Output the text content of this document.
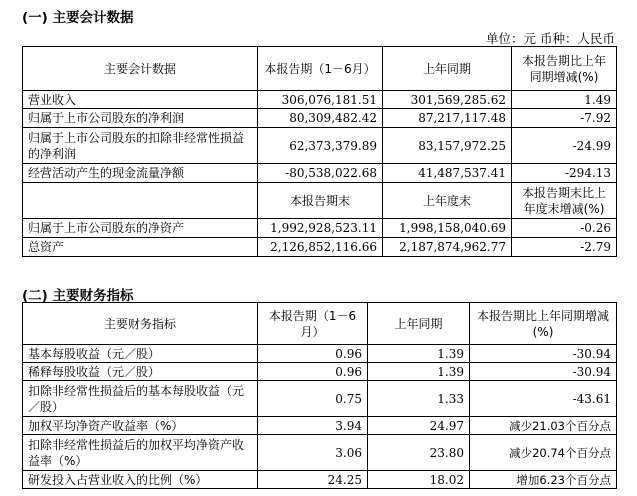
(一) 主要会计数据
单位：元 币种：人民币
主要会计数据	本报告期（1－6月）	上年同期	本报告期比上年同期增减(%)
营业收入	306,076,181.51	301,569,285.62	1.49
归属于上市公司股东的净利润	80,309,482.42	87,217,117.48	-7.92
归属于上市公司股东的扣除非经常性损益的净利润	62,373,379.89	83,157,972.25	-24.99
经营活动产生的现金流量净额	-80,538,022.68	41,487,537.41	-294.13
	本报告期末	上年度末	本报告期末比上年度末增减(%)
归属于上市公司股东的净资产	1,992,928,523.11	1,998,158,040.69	-0.26
总资产	2,126,852,116.66	2,187,874,962.77	-2.79
(二) 主要财务指标
主要财务指标	本报告期（1－6月）	上年同期	本报告期比上年同期增减(%)
基本每股收益（元／股）	0.96	1.39	-30.94
稀释每股收益（元／股）	0.96	1.39	-30.94
扣除非经常性损益后的基本每股收益（元／股）	0.75	1.33	-43.61
加权平均净资产收益率（%）	3.94	24.97	减少21.03个百分点
扣除非经常性损益后的加权平均净资产收益率（%）	3.06	23.80	减少20.74个百分点
研发投入占营业收入的比例（%）	24.25	18.02	增加6.23个百分点
